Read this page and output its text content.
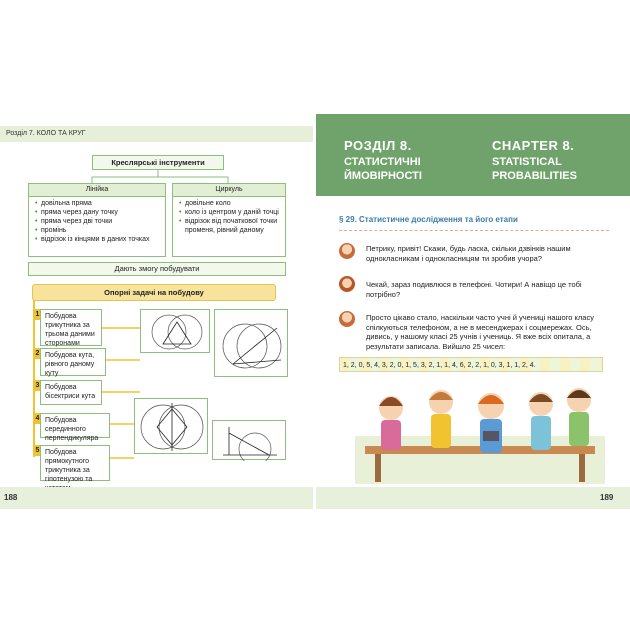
Розділ 7. КОЛО ТА КРУГ
Креслярські інструменти
Лінійка
• довільна пряма
• пряма через дану точку
• пряма через дві точки
• промінь
• відрізок із кінцями в даних точках
Циркуль
• довільне коло
• коло із центром у даній точці
• відрізок від початкової точки променя, рівний даному
Дають змогу побудувати
Опорні задачі на побудову
1 Побудова трикутника за трьома даними сторонами
2 Побудова кута, рівного даному куту
3 Побудова бісектриси кута
4 Побудова серединного перпендикуляра
5 Побудова прямокутного трикутника за гіпотенузою та
РОЗДІЛ 8.
СТАТИСТИЧНІ
ЙМОВІРНОСТІ
CHAPTER 8.
STATISTICAL
PROBABILITIES
§ 29. Статистичне дослідження та його етапи
Петрику, привіт! Скажи, будь ласка, скільки дзвінків нашим однокласникам і однокласницям ти зробив учора?
Чекай, зараз подивлюся в телефоні. Чотири! А навіщо це тобі потрібно?
Просто цікаво стало, наскільки часто учні й учениці нашого класу спілкуються телефоном, а не в месенджерах і соцмережах. Ось, дивись, у нашому класі 25 учнів і учениць. Я вже всіх опитала, а результати записала. Вийшло 25 чисел:
1, 2, 0, 5, 4, 3, 2, 0, 1, 5, 3, 2, 1, 1, 4, 6, 2, 2, 1, 0, 3, 1, 1, 2, 4.
188	189
